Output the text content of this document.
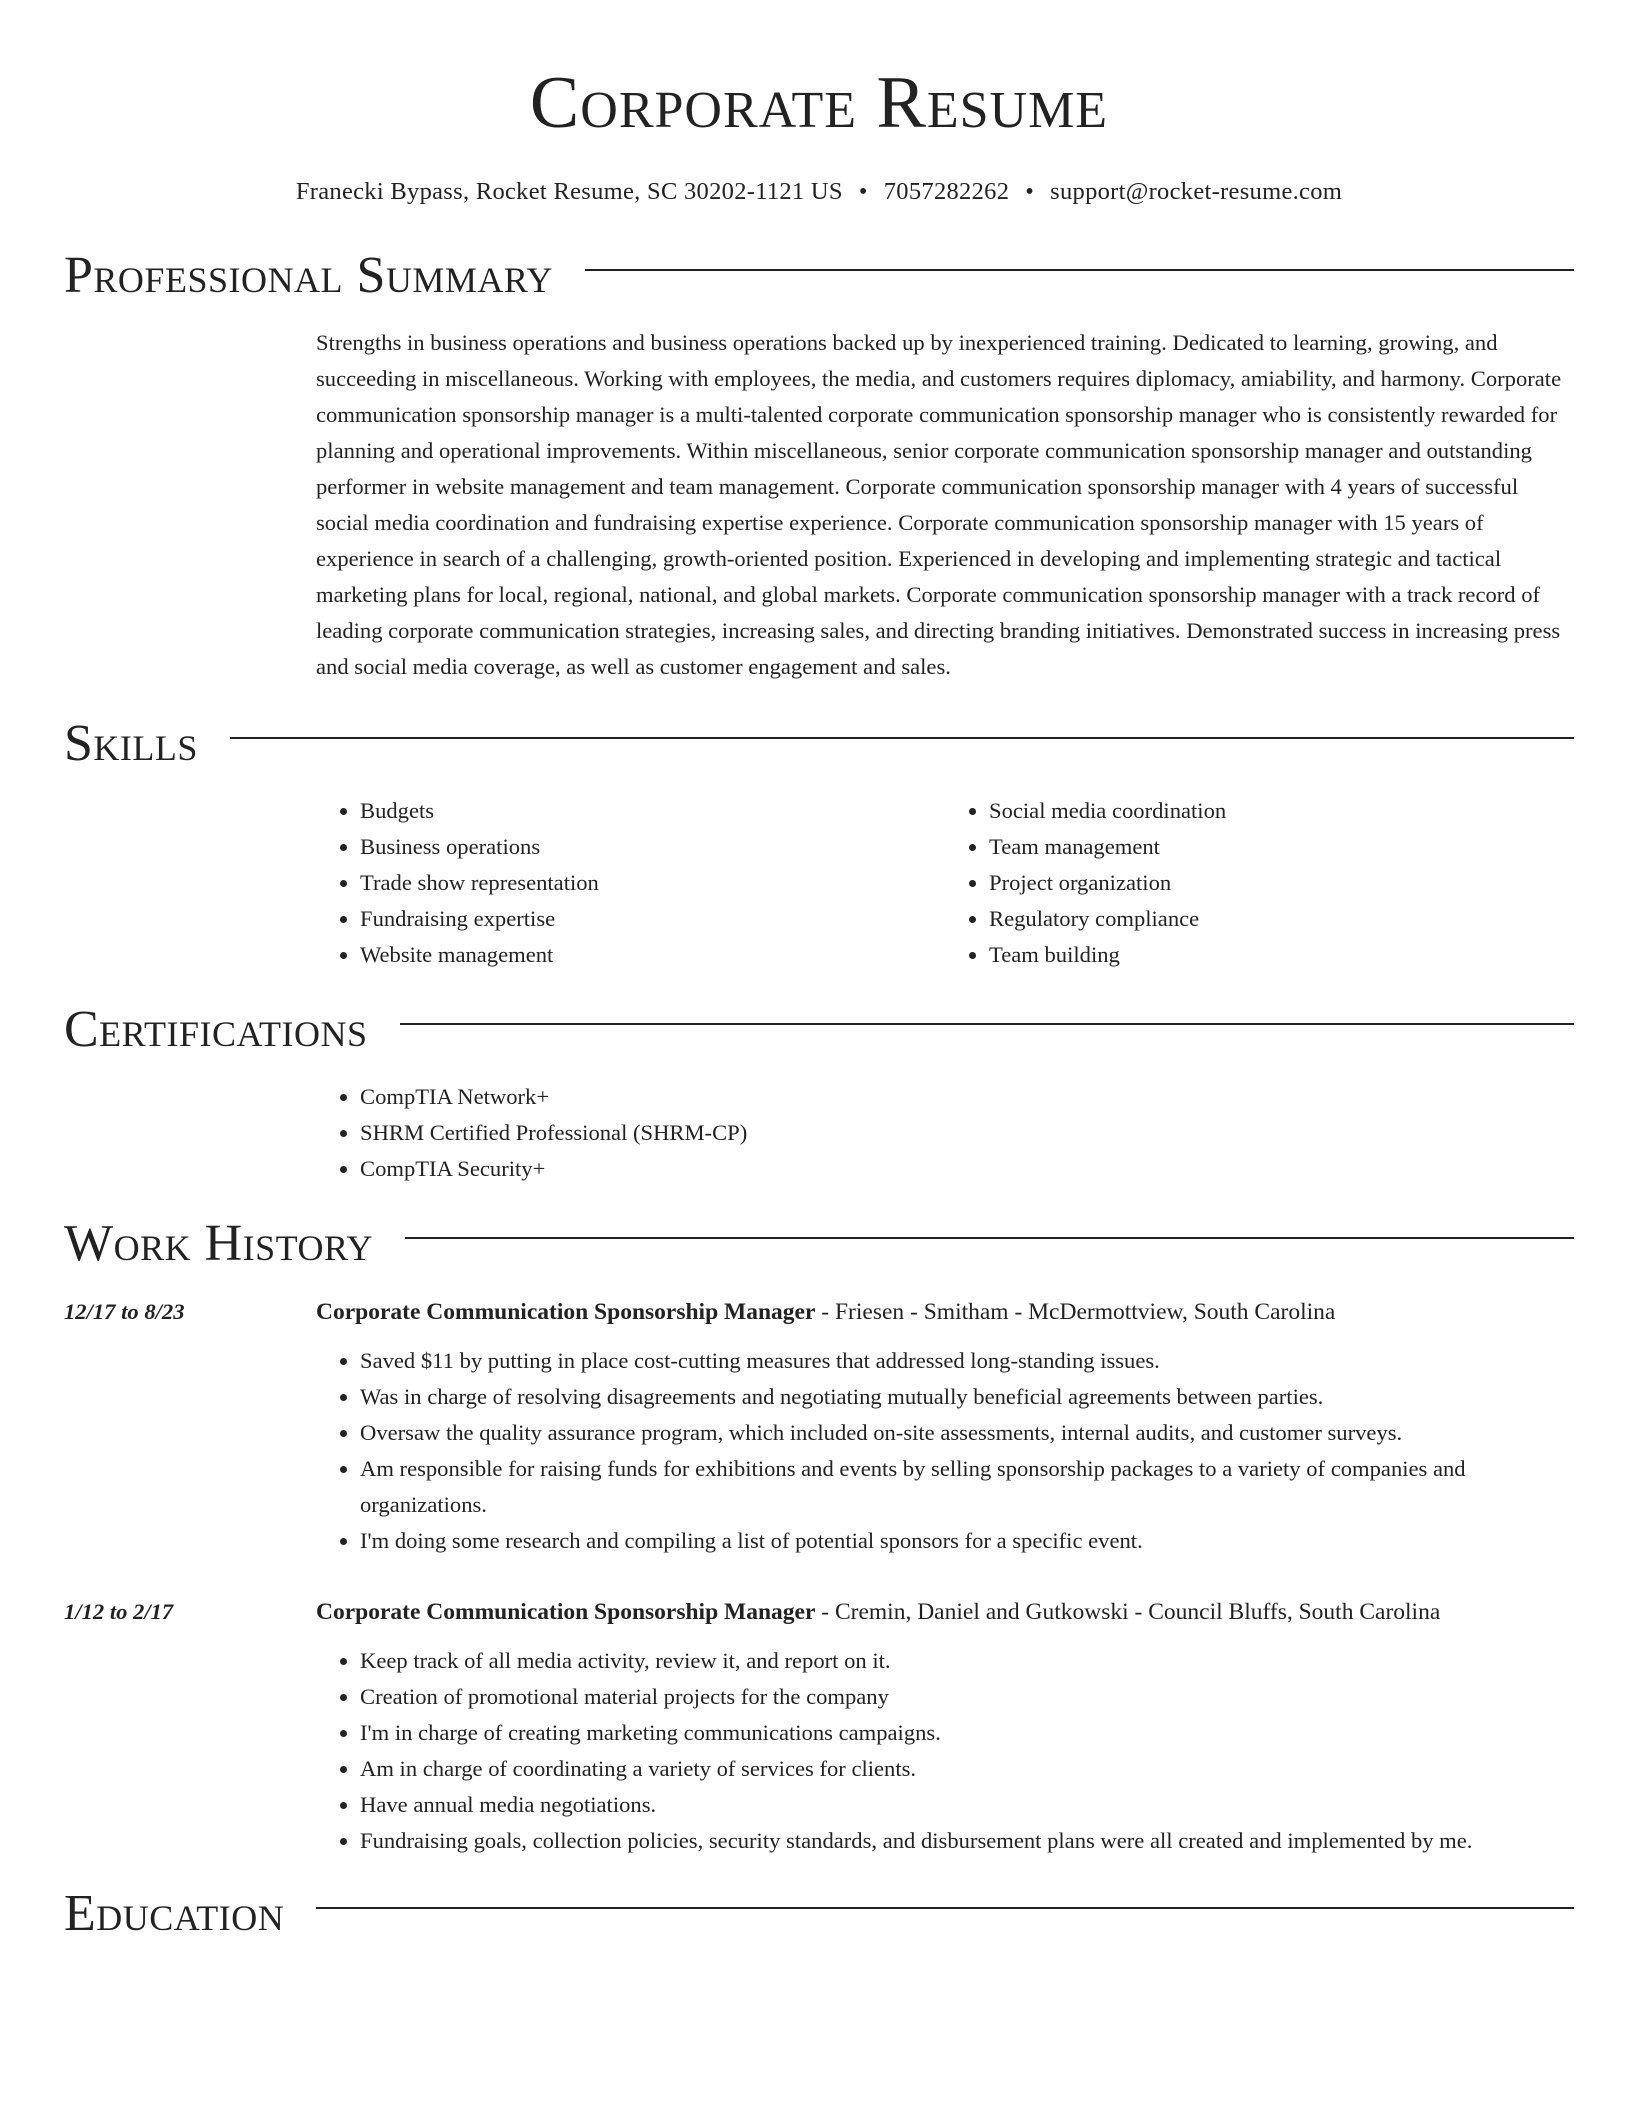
Corporate Resume
Franecki Bypass, Rocket Resume, SC 30202-1121 US • 7057282262 • support@rocket-resume.com
Professional Summary

Strengths in business operations and business operations backed up by inexperienced training. Dedicated to learning, growing, and succeeding in miscellaneous. Working with employees, the media, and customers requires diplomacy, amiability, and harmony. Corporate communication sponsorship manager is a multi-talented corporate communication sponsorship manager who is consistently rewarded for planning and operational improvements. Within miscellaneous, senior corporate communication sponsorship manager and outstanding performer in website management and team management. Corporate communication sponsorship manager with 4 years of successful social media coordination and fundraising expertise experience. Corporate communication sponsorship manager with 15 years of experience in search of a challenging, growth-oriented position. Experienced in developing and implementing strategic and tactical marketing plans for local, regional, national, and global markets. Corporate communication sponsorship manager with a track record of leading corporate communication strategies, increasing sales, and directing branding initiatives. Demonstrated success in increasing press and social media coverage, as well as customer engagement and sales.

Skills
• Budgets
• Business operations
• Trade show representation
• Fundraising expertise
• Website management
• Social media coordination
• Team management
• Project organization
• Regulatory compliance
• Team building
Certifications
• CompTIA Network+
• SHRM Certified Professional (SHRM-CP)
• CompTIA Security+
Work History
12/17 to 8/23	Corporate Communication Sponsorship Manager - Friesen - Smitham - McDermottview, South Carolina
• Saved $11 by putting in place cost-cutting measures that addressed long-standing issues.
• Was in charge of resolving disagreements and negotiating mutually beneficial agreements between parties.
• Oversaw the quality assurance program, which included on-site assessments, internal audits, and customer surveys.
• Am responsible for raising funds for exhibitions and events by selling sponsorship packages to a variety of companies and organizations.
• I'm doing some research and compiling a list of potential sponsors for a specific event.
1/12 to 2/17	Corporate Communication Sponsorship Manager - Cremin, Daniel and Gutkowski - Council Bluffs, South Carolina
• Keep track of all media activity, review it, and report on it.
• Creation of promotional material projects for the company
• I'm in charge of creating marketing communications campaigns.
• Am in charge of coordinating a variety of services for clients.
• Have annual media negotiations.
• Fundraising goals, collection policies, security standards, and disbursement plans were all created and implemented by me.
Education
